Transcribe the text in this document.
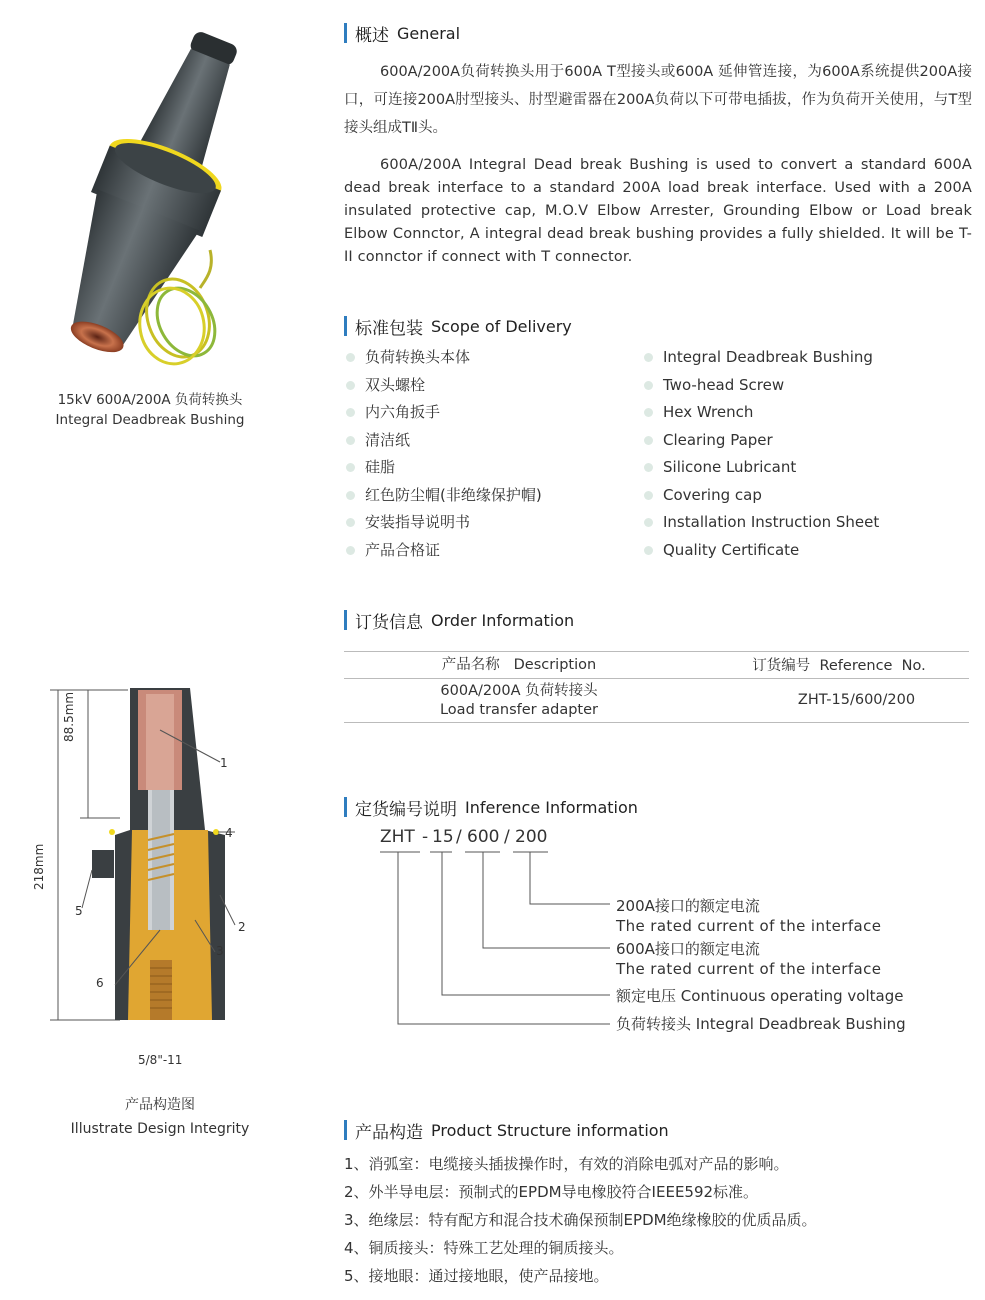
15kV 600A/200A 负荷转换头
Integral Deadbreak Bushing
1
4
2
3
5
6
88.5mm
218mm
5/8"-11
产品构造图
Illustrate Design Integrity
概述 General

600A/200A负荷转换头用于600A T型接头或600A 延伸管连接，为600A系统提供200A接口，可连接200A肘型接头、肘型避雷器在200A负荷以下可带电插拔，作为负荷开关使用，与T型接头组成TⅡ头。

600A/200A Integral Dead break Bushing is used to convert a standard 600A dead break interface to a standard 200A load break interface. Used with a 200A insulated protective cap, M.O.V Elbow Arrester, Grounding Elbow or Load break Elbow Connctor, A integral dead break bushing provides a fully shielded. It will be T-II connctor if connect with T connector.

标准包装 Scope of Delivery
负荷转换头本体
双头螺栓
内六角扳手
清洁纸
硅脂
红色防尘帽(非绝缘保护帽)
安装指导说明书
产品合格证
Integral Deadbreak Bushing
Two-head Screw
Hex Wrench
Clearing Paper
Silicone Lubricant
Covering cap
Installation Instruction Sheet
Quality Certificate
订货信息 Order Information
产品名称   Description	订货编号  Reference  No.
600A/200A 负荷转接头
Load transfer adapter
ZHT-15/600/200
定货编号说明 Inference Information
ZHT - 15 / 600 / 200
200A接口的额定电流
The rated current of the interface
600A接口的额定电流
The rated current of the interface
额定电压 Continuous operating voltage
负荷转接头 Integral Deadbreak Bushing
产品构造 Product Structure information
1、消弧室：电缆接头插拔操作时，有效的消除电弧对产品的影响。
2、外半导电层：预制式的EPDM导电橡胶符合IEEE592标准。
3、绝缘层：特有配方和混合技术确保预制EPDM绝缘橡胶的优质品质。
4、铜质接头：特殊工艺处理的铜质接头。
5、接地眼：通过接地眼，使产品接地。
